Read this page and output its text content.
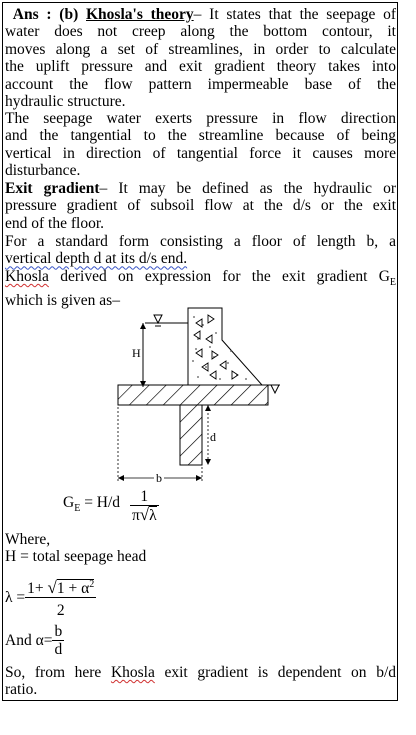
Ans : (b) Khosla's theory– It states that the seepage of
water does not creep along the bottom contour, it
moves along a set of streamlines, in order to calculate
the uplift pressure and exit gradient theory takes into
account the flow pattern impermeable base of the
hydraulic structure.
The seepage water exerts pressure in flow direction
and the tangential to the streamline because of being
vertical in direction of tangential force it causes more
disturbance.
Exit gradient– It may be defined as the hydraulic or
pressure gradient of subsoil flow at the d/s or the exit
end of the floor.
For a standard form consisting a floor of length b, a
vertical depth d at its d/s end.
Khosla derived on expression for the exit gradient $G_E$
which is given as–
H
d
b
$G_E = H/d \frac{1}{\pi√\lambda}$
Where,
H = total seepage head
$\lambda = \frac{1+ √1 + \alpha^2}{2}$
And $\alpha= \frac{b}{d}$
So, from here Khosla exit gradient is dependent on b/d
ratio.
